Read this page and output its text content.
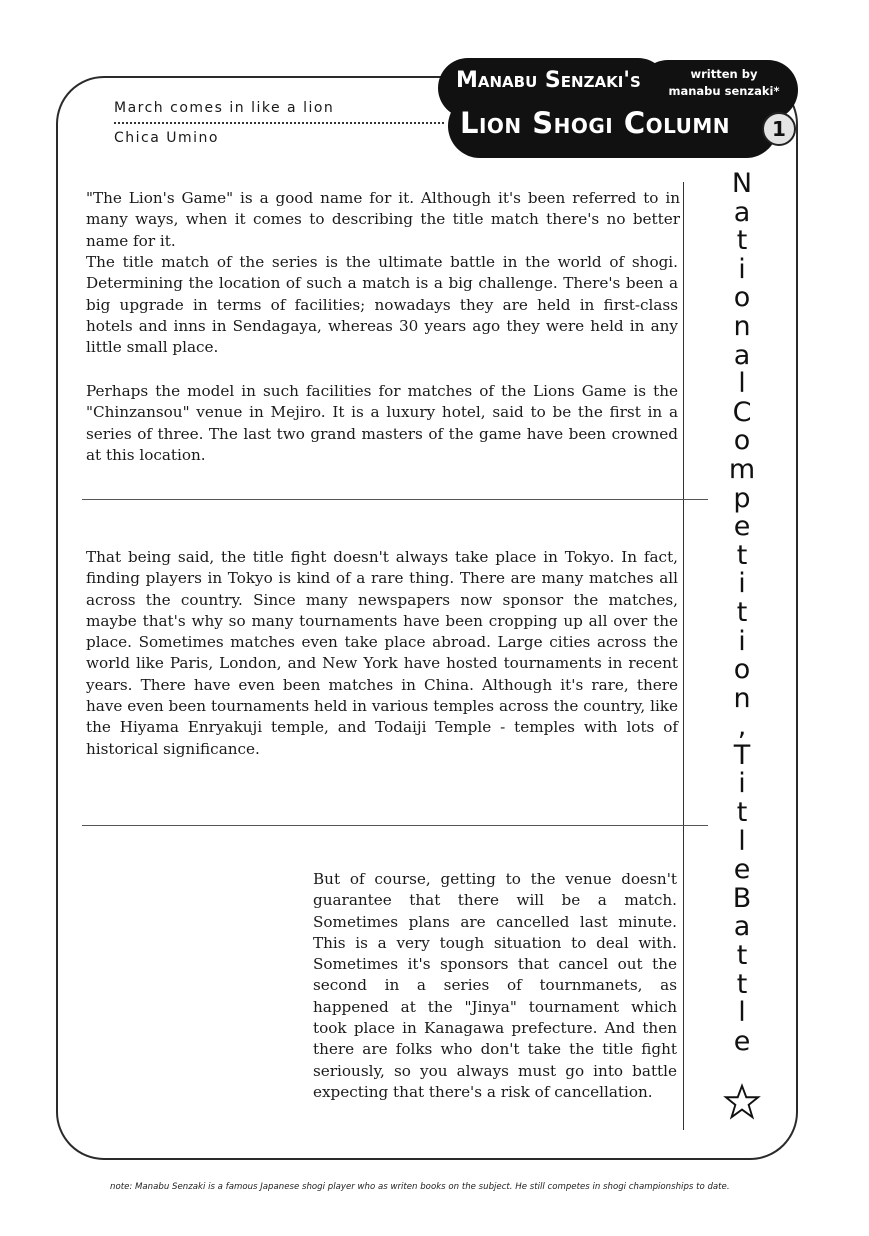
March comes in like a lion
Chica Umino
Manabu Senzaki's	written by
manabu senzaki*
Lion Shogi Column	1

"The Lion's Game" is a good name for it. Although it's been referred to in many ways, when it comes to describing the title match there's no better name for it.

The title match of the series is the ultimate battle in the world of shogi. Determining the location of such a match is a big challenge. There's been a big upgrade in terms of facilities; nowadays they are held in first-class hotels and inns in Sendagaya, whereas 30 years ago they were held in any little small place.

Perhaps the model in such facilities for matches of the Lions Game is the "Chinzansou" venue in Mejiro. It is a luxury hotel, said to be the first in a series of three. The last two grand masters of the game have been crowned at this location.

That being said, the title fight doesn't always take place in Tokyo. In fact, finding players in Tokyo is kind of a rare thing. There are many matches all across the country. Since many newspapers now sponsor the matches, maybe that's why so many tournaments have been cropping up all over the place. Sometimes matches even take place abroad. Large cities across the world like Paris, London, and New York have hosted tournaments in recent years. There have even been matches in China. Although it's rare, there have even been tournaments held in various temples across the country, like the Hiyama Enryakuji temple, and Todaiji Temple - temples with lots of historical significance.

But of course, getting to the venue doesn't guarantee that there will be a match. Sometimes plans are cancelled last minute. This is a very tough situation to deal with. Sometimes it's sponsors that cancel out the second in a series of tournmanets, as happened at the "Jinya" tournament which took place in Kanagawa prefecture. And then there are folks who don't take the title fight seriously, so you always must go into battle expecting that there's a risk of cancellation.

N
a
t
i
o
n
a
l
C
o
m
p
e
t
i
t
i
o
n
,
T
i
t
l
e
B
a
t
t
l
e
note: Manabu Senzaki is a famous Japanese shogi player who as writen books on the subject. He still competes in shogi championships to date.
